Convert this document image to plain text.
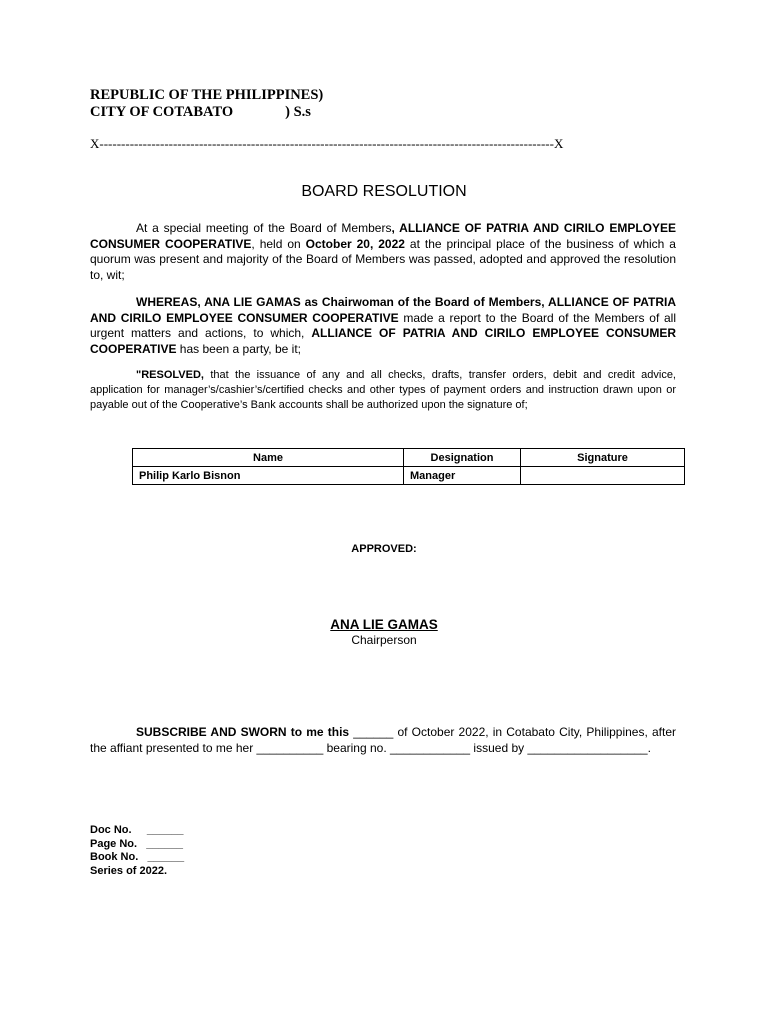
REPUBLIC OF THE PHILIPPINES)
CITY OF COTABATO	) S.s
X---------------------------------------------------------------------------------------------------------X
BOARD RESOLUTION
At a special meeting of the Board of Members, ALLIANCE OF PATRIA AND CIRILO EMPLOYEE CONSUMER COOPERATIVE, held on October 20, 2022 at the principal place of the business of which a quorum was present and majority of the Board of Members was passed, adopted and approved the resolution to, wit;
WHEREAS, ANA LIE GAMAS as Chairwoman of the Board of Members, ALLIANCE OF PATRIA AND CIRILO EMPLOYEE CONSUMER COOPERATIVE made a report to the Board of the Members of all urgent matters and actions, to which, ALLIANCE OF PATRIA AND CIRILO EMPLOYEE CONSUMER COOPERATIVE has been a party, be it;
"RESOLVED, that the issuance of any and all checks, drafts, transfer orders, debit and credit advice, application for manager’s/cashier’s/certified checks and other types of payment orders and instruction drawn upon or payable out of the Cooperative’s Bank accounts shall be authorized upon the signature of;
Name	Designation	Signature
Philip Karlo Bisnon	Manager	
APPROVED:
ANA LIE GAMAS
Chairperson
SUBSCRIBE AND SWORN to me this ______ of October 2022, in Cotabato City, Philippines, after the affiant presented to me her __________ bearing no. ____________ issued by __________________.
Doc No.     ______
Page No.   ______
Book No.   ______
Series of 2022.
